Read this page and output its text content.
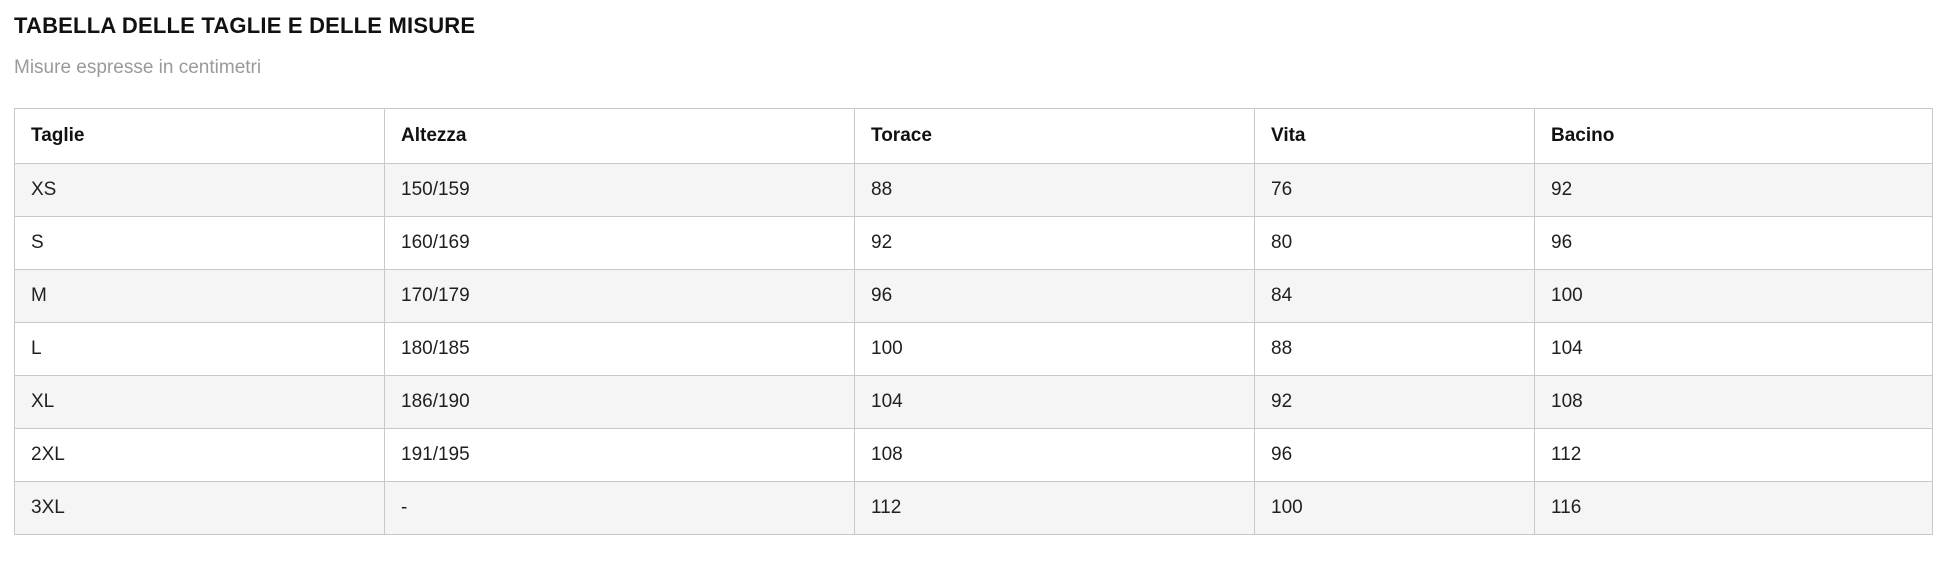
TABELLA DELLE TAGLIE E DELLE MISURE

Misure espresse in centimetri

Taglie	Altezza	Torace	Vita	Bacino
XS	150/159	88	76	92
S	160/169	92	80	96
M	170/179	96	84	100
L	180/185	100	88	104
XL	186/190	104	92	108
2XL	191/195	108	96	112
3XL	-	112	100	116
